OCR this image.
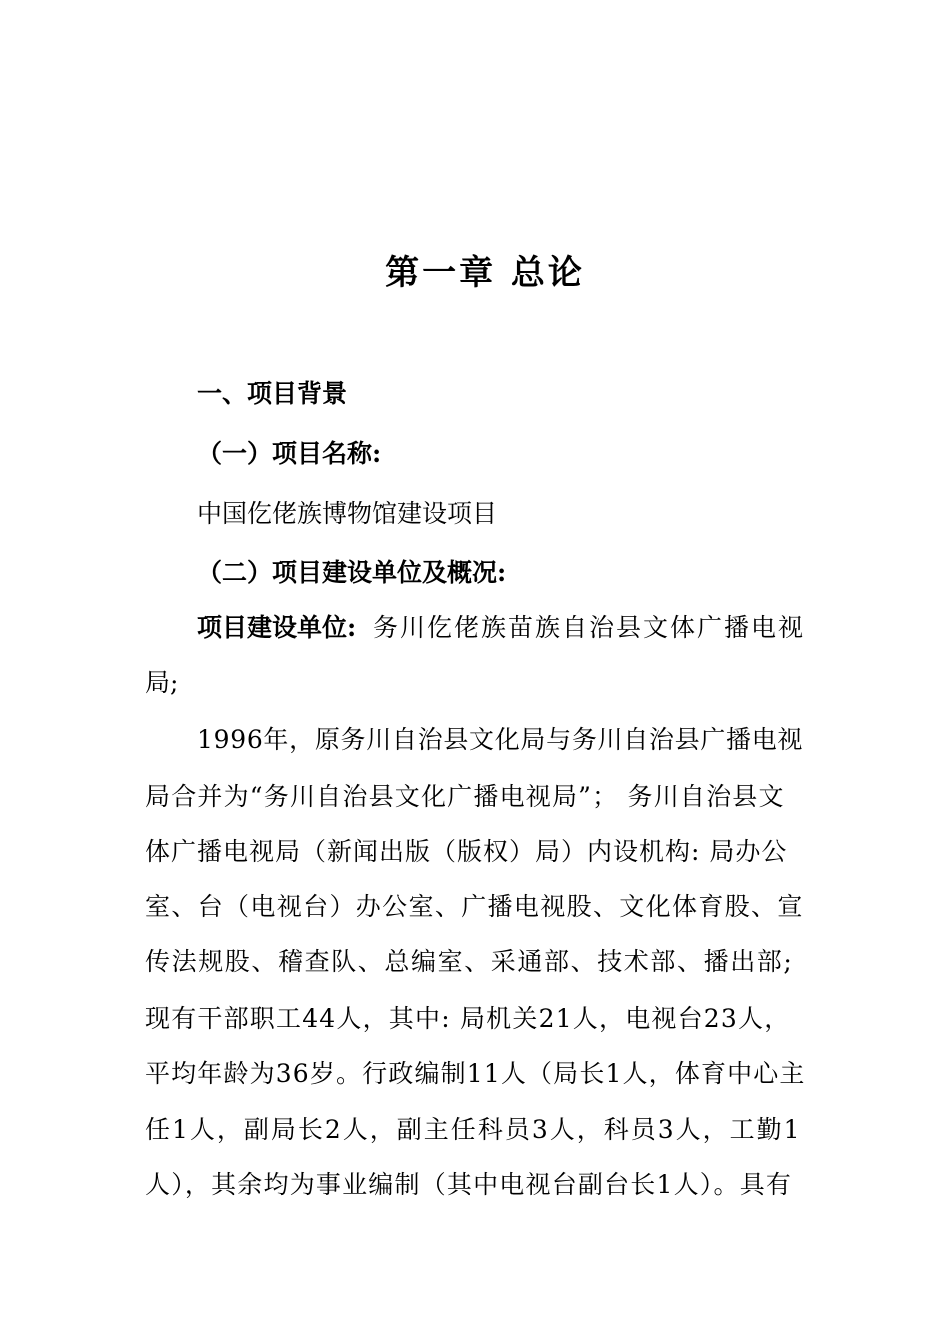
第一章 总论
一、项目背景
（一）项目名称:
中国仡佬族博物馆建设项目
（二）项目建设单位及概况:
项目建设单位: 务川仡佬族苗族自治县文体广播电视
局;
1996年，原务川自治县文化局与务川自治县广播电视
局合并为“务川自治县文化广播电视局”； 务川自治县文
体广播电视局（新闻出版（版权）局）内设机构: 局办公
室、台（电视台）办公室、广播电视股、文化体育股、宣
传法规股、稽查队、总编室、采通部、技术部、播出部;
现有干部职工44人，其中: 局机关21人，电视台23人，
平均年龄为36岁。行政编制11人（局长1人，体育中心主
任1人，副局长2人，副主任科员3人，科员3人，工勤1
人），其余均为事业编制（其中电视台副台长1人）。具有
